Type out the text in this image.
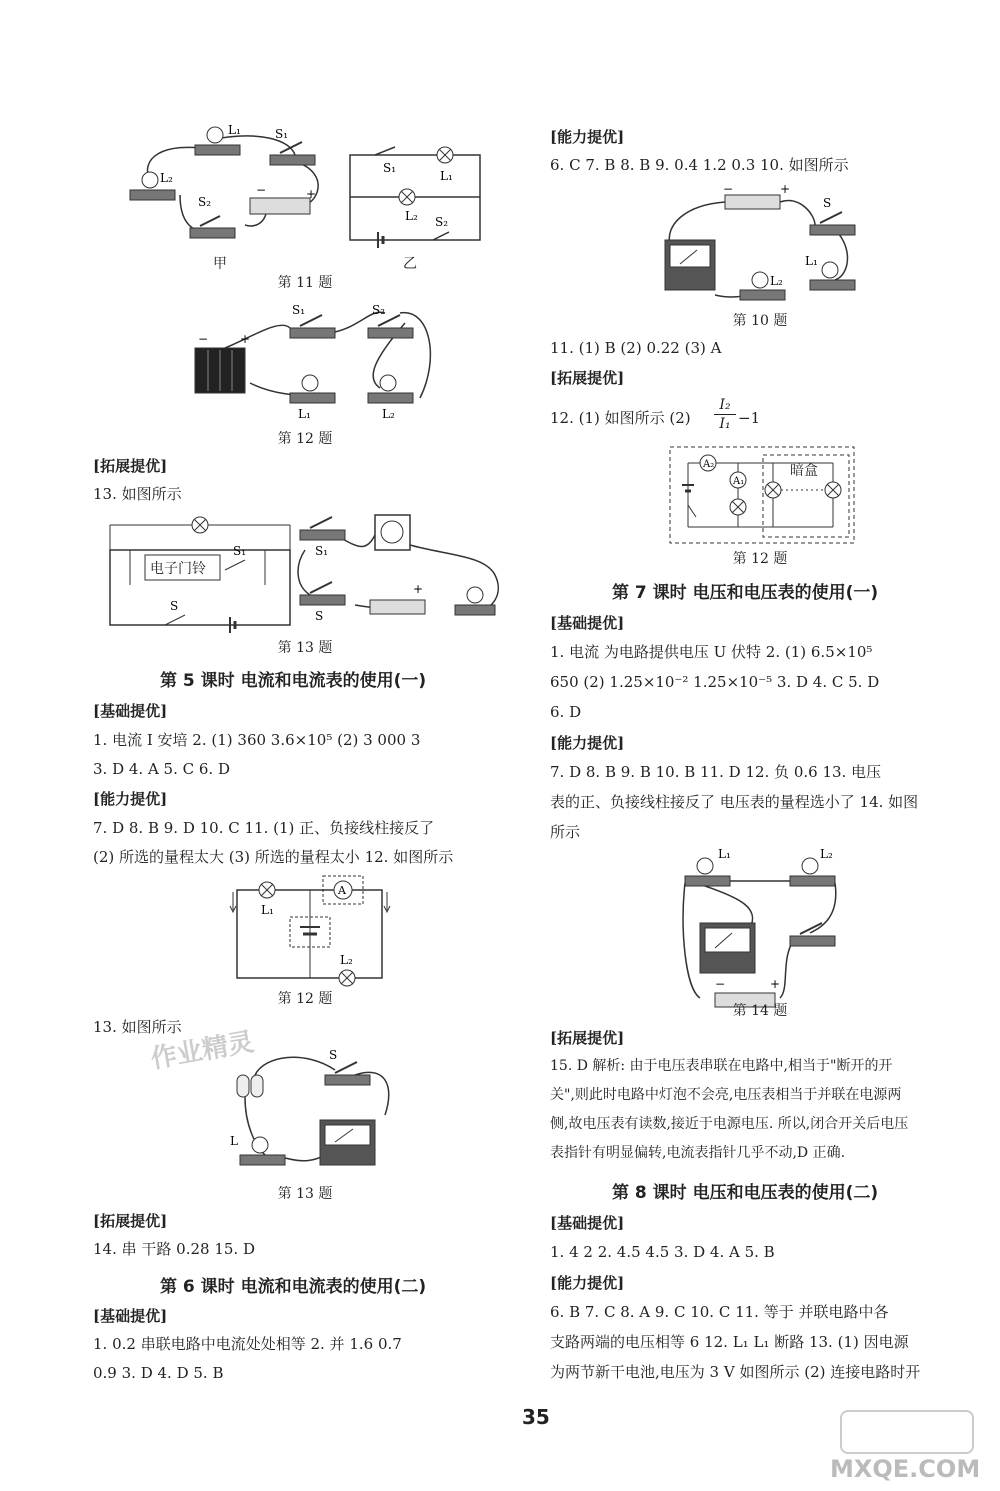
L₁	S₁
L₂
S₂
−	+
甲
S₁
L₁
L₂ S₂
乙
第 11 题
−	+
S₁	S₂
L₁	L₂
第 12 题
[拓展提优]
13. 如图所示
S₁
S
电子门铃
S₁
S
+
第 13 题
第 5 课时 电流和电流表的使用(一)
[基础提优]
1. 电流 I 安培 2. (1) 360 3.6×10⁵ (2) 3 000 3
3. D 4. A 5. C 6. D
[能力提优]
7. D 8. B 9. D 10. C 11. (1) 正、负接线柱接反了
(2) 所选的量程太大 (3) 所选的量程太小 12. 如图所示
L₁
A
L₂
第 12 题
13. 如图所示
作业精灵	S
L
第 13 题
[拓展提优]
14. 串 干路 0.28 15. D
第 6 课时 电流和电流表的使用(二)
[基础提优]
1. 0.2 串联电路中电流处处相等 2. 并 1.6 0.7
0.9 3. D 4. D 5. B
[能力提优]
6. C 7. B 8. B 9. 0.4 1.2 0.3 10. 如图所示
−	+
S
L₂
L₁
第 10 题
11. (1) B (2) 0.22 (3) A
[拓展提优]
12. (1) 如图所示 $(2) \frac{\text{I₂}}{\text{I₁}} -1$
A₂
A₁
暗盒
第 12 题
第 7 课时 电压和电压表的使用(一)
[基础提优]
1. 电流 为电路提供电压 U 伏特 2. (1) 6.5×10⁵
650 (2) 1.25×10⁻² 1.25×10⁻⁵ 3. D 4. C 5. D
6. D
[能力提优]
7. D 8. B 9. B 10. B 11. D 12. 负 0.6 13. 电压
表的正、负接线柱接反了 电压表的量程选小了 14. 如图
所示
L₁	L₂
−	+
第 14 题
[拓展提优]
15. D 解析: 由于电压表串联在电路中,相当于"断开的开
关",则此时电路中灯泡不会亮,电压表相当于并联在电源两
侧,故电压表有读数,接近于电源电压. 所以,闭合开关后电压
表指针有明显偏转,电流表指针几乎不动,D 正确.
第 8 课时 电压和电压表的使用(二)
[基础提优]
1. 4 2 2. 4.5 4.5 3. D 4. A 5. B
[能力提优]
6. B 7. C 8. A 9. C 10. C 11. 等于 并联电路中各
支路两端的电压相等 6 12. L₁ L₁ 断路 13. (1) 因电源
为两节新干电池,电压为 3 V 如图所示 (2) 连接电路时开
35
MXQE.COM
